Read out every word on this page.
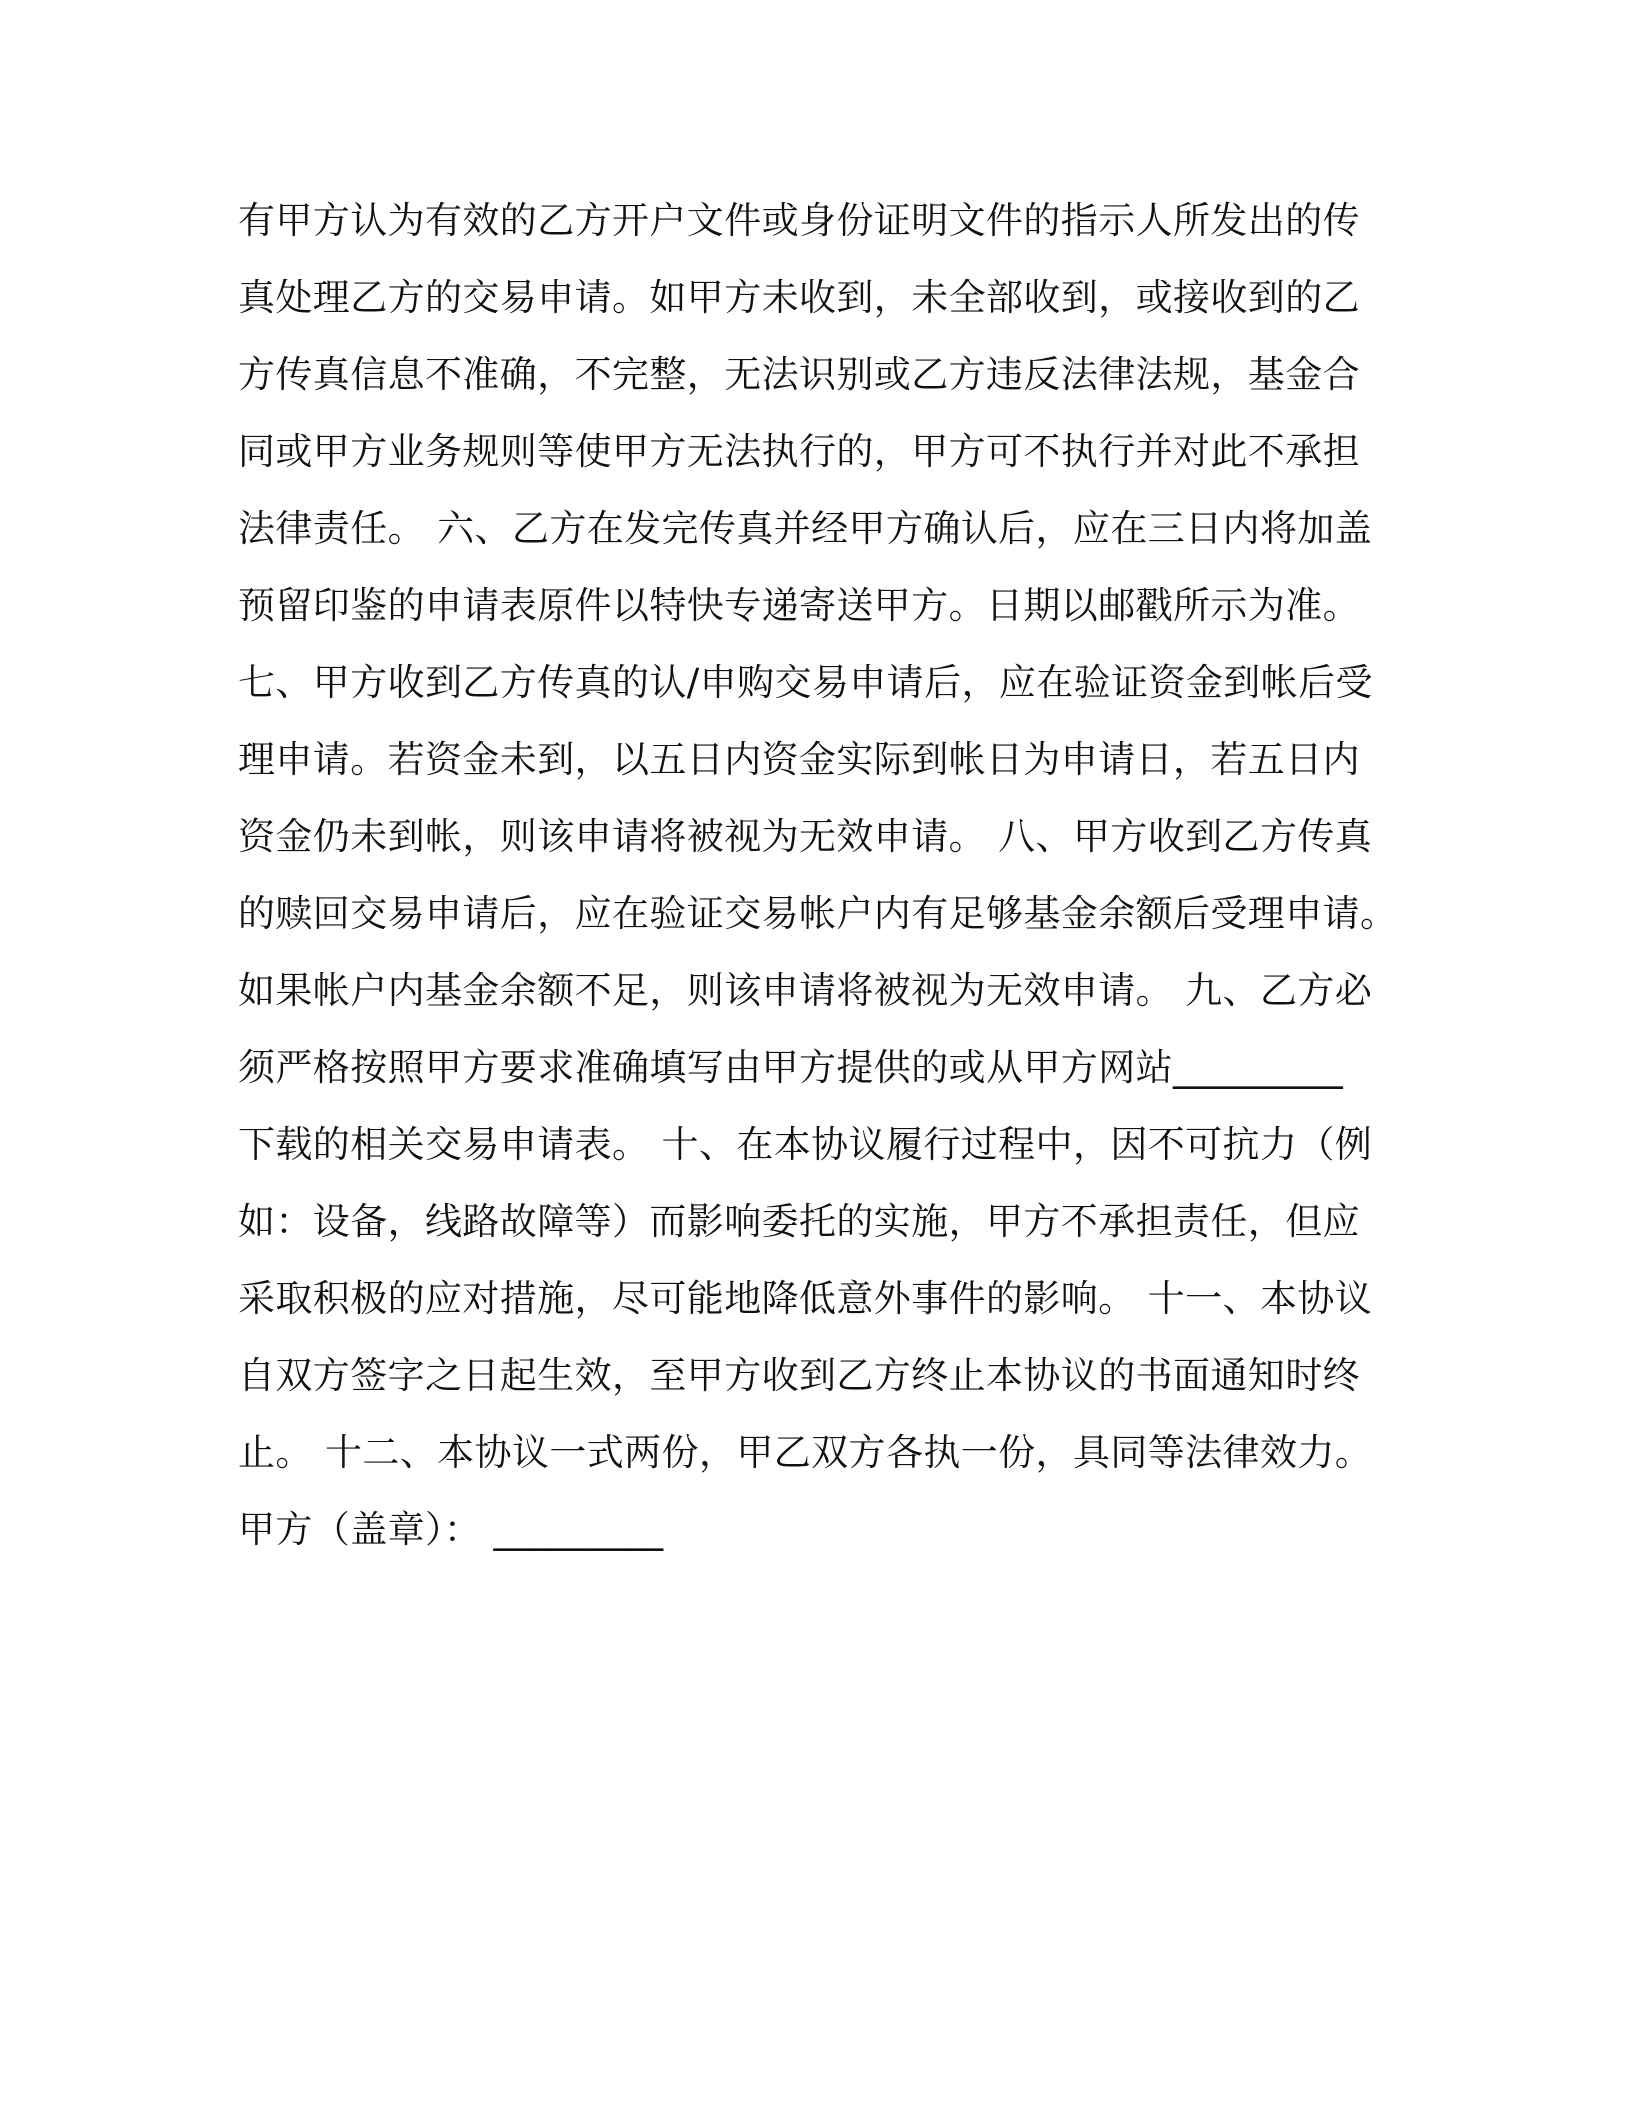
有甲方认为有效的乙方开户文件或身份证明文件的指示人所发出的传
真处理乙方的交易申请。如甲方未收到，未全部收到，或接收到的乙
方传真信息不准确，不完整，无法识别或乙方违反法律法规，基金合
同或甲方业务规则等使甲方无法执行的，甲方可不执行并对此不承担
法律责任。 六、乙方在发完传真并经甲方确认后，应在三日内将加盖
预留印鉴的申请表原件以特快专递寄送甲方。日期以邮戳所示为准。
七、甲方收到乙方传真的认/申购交易申请后，应在验证资金到帐后受
理申请。若资金未到，以五日内资金实际到帐日为申请日，若五日内
资金仍未到帐，则该申请将被视为无效申请。 八、甲方收到乙方传真
的赎回交易申请后，应在验证交易帐户内有足够基金余额后受理申请。
如果帐户内基金余额不足，则该申请将被视为无效申请。 九、乙方必
须严格按照甲方要求准确填写由甲方提供的或从甲方网站_________
下载的相关交易申请表。 十、在本协议履行过程中，因不可抗力（例
如：设备，线路故障等）而影响委托的实施，甲方不承担责任，但应
采取积极的应对措施，尽可能地降低意外事件的影响。 十一、本协议
自双方签字之日起生效，至甲方收到乙方终止本协议的书面通知时终
止。 十二、本协议一式两份，甲乙双方各执一份，具同等法律效力。
甲方（盖章）： _________
